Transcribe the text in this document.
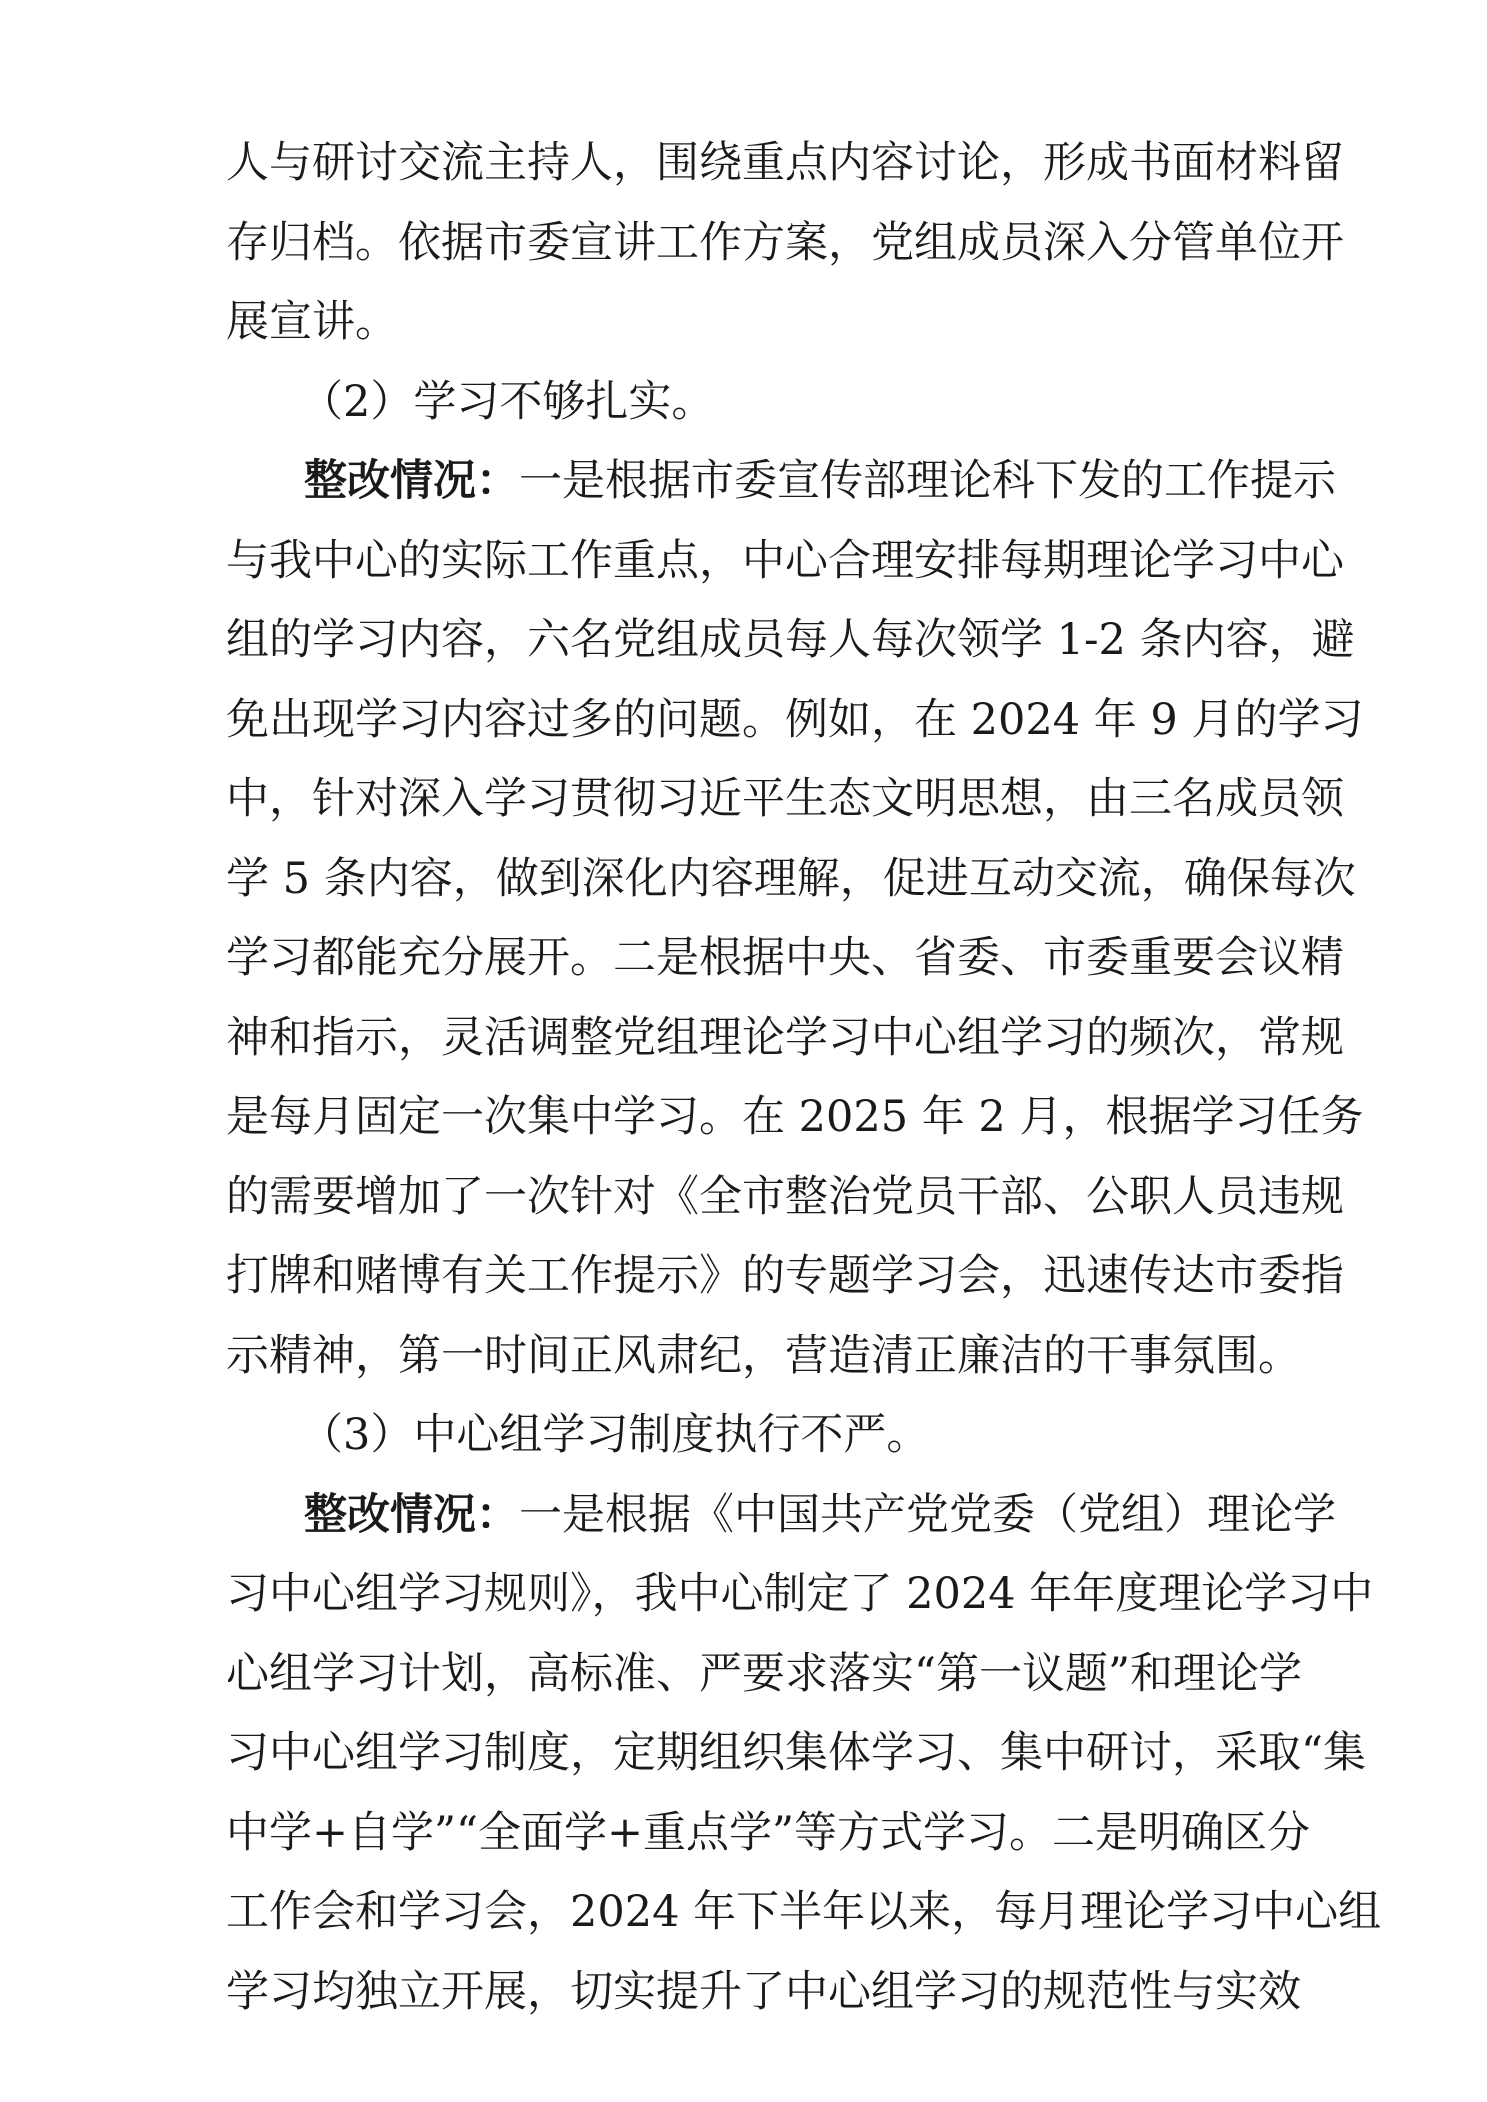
人与研讨交流主持人，围绕重点内容讨论，形成书面材料留
存归档。依据市委宣讲工作方案，党组成员深入分管单位开
展宣讲。
（2）学习不够扎实。
整改情况：一是根据市委宣传部理论科下发的工作提示
与我中心的实际工作重点，中心合理安排每期理论学习中心
组的学习内容，六名党组成员每人每次领学 1-2 条内容，避
免出现学习内容过多的问题。例如，在 2024 年 9 月的学习
中，针对深入学习贯彻习近平生态文明思想，由三名成员领
学 5 条内容，做到深化内容理解，促进互动交流，确保每次
学习都能充分展开。二是根据中央、省委、市委重要会议精
神和指示，灵活调整党组理论学习中心组学习的频次，常规
是每月固定一次集中学习。在 2025 年 2 月，根据学习任务
的需要增加了一次针对《全市整治党员干部、公职人员违规
打牌和赌博有关工作提示》的专题学习会，迅速传达市委指
示精神，第一时间正风肃纪，营造清正廉洁的干事氛围。
（3）中心组学习制度执行不严。
整改情况：一是根据《中国共产党党委（党组）理论学
习中心组学习规则》，我中心制定了 2024 年年度理论学习中
心组学习计划，高标准、严要求落实“第一议题”和理论学
习中心组学习制度，定期组织集体学习、集中研讨，采取“集
中学+自学”“全面学+重点学”等方式学习。二是明确区分
工作会和学习会，2024 年下半年以来，每月理论学习中心组
学习均独立开展，切实提升了中心组学习的规范性与实效
